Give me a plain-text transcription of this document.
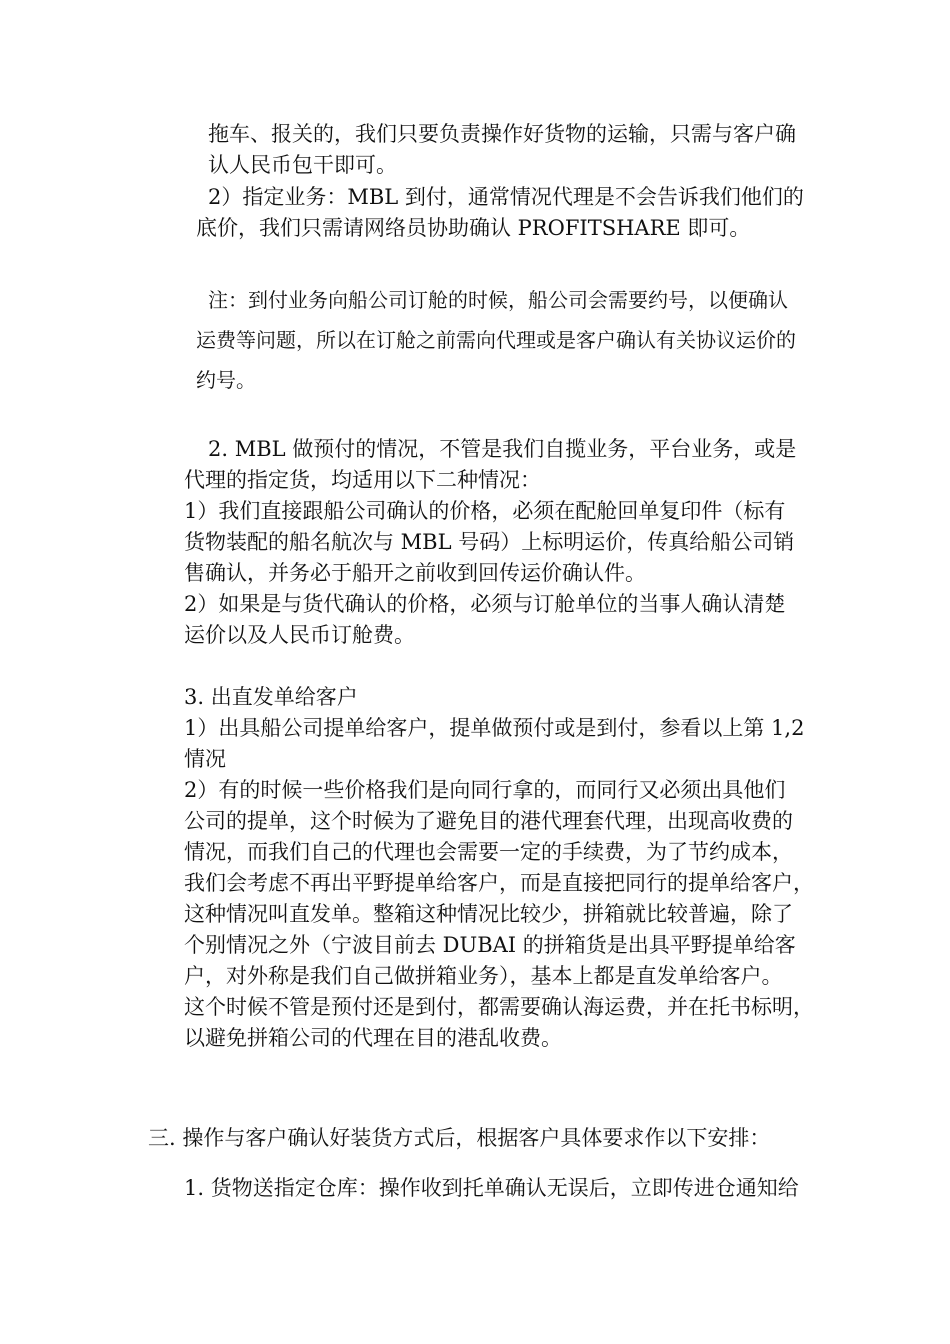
拖车、报关的，我们只要负责操作好货物的运输，只需与客户确

认人民币包干即可。

2）指定业务：MBL 到付，通常情况代理是不会告诉我们他们的

底价，我们只需请网络员协助确认 PROFITSHARE 即可。

注：到付业务向船公司订舱的时候，船公司会需要约号，以便确认

运费等问题，所以在订舱之前需向代理或是客户确认有关协议运价的

约号。

2. MBL 做预付的情况，不管是我们自揽业务，平台业务，或是

代理的指定货，均适用以下二种情况：

1）我们直接跟船公司确认的价格，必须在配舱回单复印件（标有

货物装配的船名航次与 MBL 号码）上标明运价，传真给船公司销

售确认，并务必于船开之前收到回传运价确认件。

2）如果是与货代确认的价格，必须与订舱单位的当事人确认清楚

运价以及人民币订舱费。

3. 出直发单给客户

1）出具船公司提单给客户，提单做预付或是到付，参看以上第 1,2

情况

2）有的时候一些价格我们是向同行拿的，而同行又必须出具他们

公司的提单，这个时候为了避免目的港代理套代理，出现高收费的

情况，而我们自己的代理也会需要一定的手续费，为了节约成本，

我们会考虑不再出平野提单给客户，而是直接把同行的提单给客户，

这种情况叫直发单。整箱这种情况比较少，拼箱就比较普遍，除了

个别情况之外（宁波目前去 DUBAI 的拼箱货是出具平野提单给客

户，对外称是我们自己做拼箱业务），基本上都是直发单给客户。

这个时候不管是预付还是到付，都需要确认海运费，并在托书标明，

以避免拼箱公司的代理在目的港乱收费。

三. 操作与客户确认好装货方式后，根据客户具体要求作以下安排：

1. 货物送指定仓库：操作收到托单确认无误后，立即传进仓通知给
